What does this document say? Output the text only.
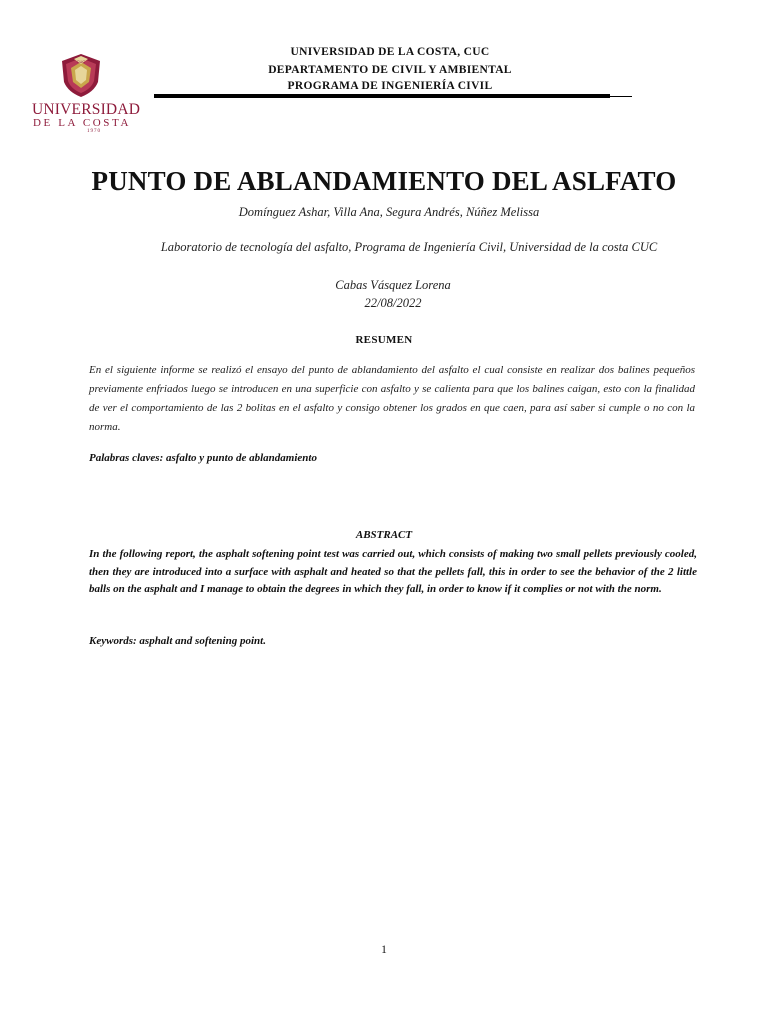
CUC
UNIVERSIDAD
DE LA COSTA
1970
UNIVERSIDAD DE LA COSTA, CUC
DEPARTAMENTO DE CIVIL Y AMBIENTAL
PROGRAMA DE INGENIERÍA CIVIL
PUNTO DE ABLANDAMIENTO DEL ASLFATO
Domínguez Ashar, Villa Ana, Segura Andrés, Núñez Melissa
Laboratorio de tecnología del asfalto, Programa de Ingeniería Civil, Universidad de la costa CUC
Cabas Vásquez Lorena
22/08/2022
RESUMEN
En el siguiente informe se realizó el ensayo del punto de ablandamiento del asfalto el cual consiste en realizar dos balines pequeños previamente enfriados luego se introducen en una superficie con asfalto y se calienta para que los balines caigan, esto con la finalidad de ver el comportamiento de las 2 bolitas en el asfalto y consigo obtener los grados en que caen, para así saber si cumple o no con la norma.
Palabras claves: asfalto y punto de ablandamiento
ABSTRACT
In the following report, the asphalt softening point test was carried out, which consists of making two small pellets previously cooled, then they are introduced into a surface with asphalt and heated so that the pellets fall, this in order to see the behavior of the 2 little balls on the asphalt and I manage to obtain the degrees in which they fall, in order to know if it complies or not with the norm.
Keywords: asphalt and softening point.
1
